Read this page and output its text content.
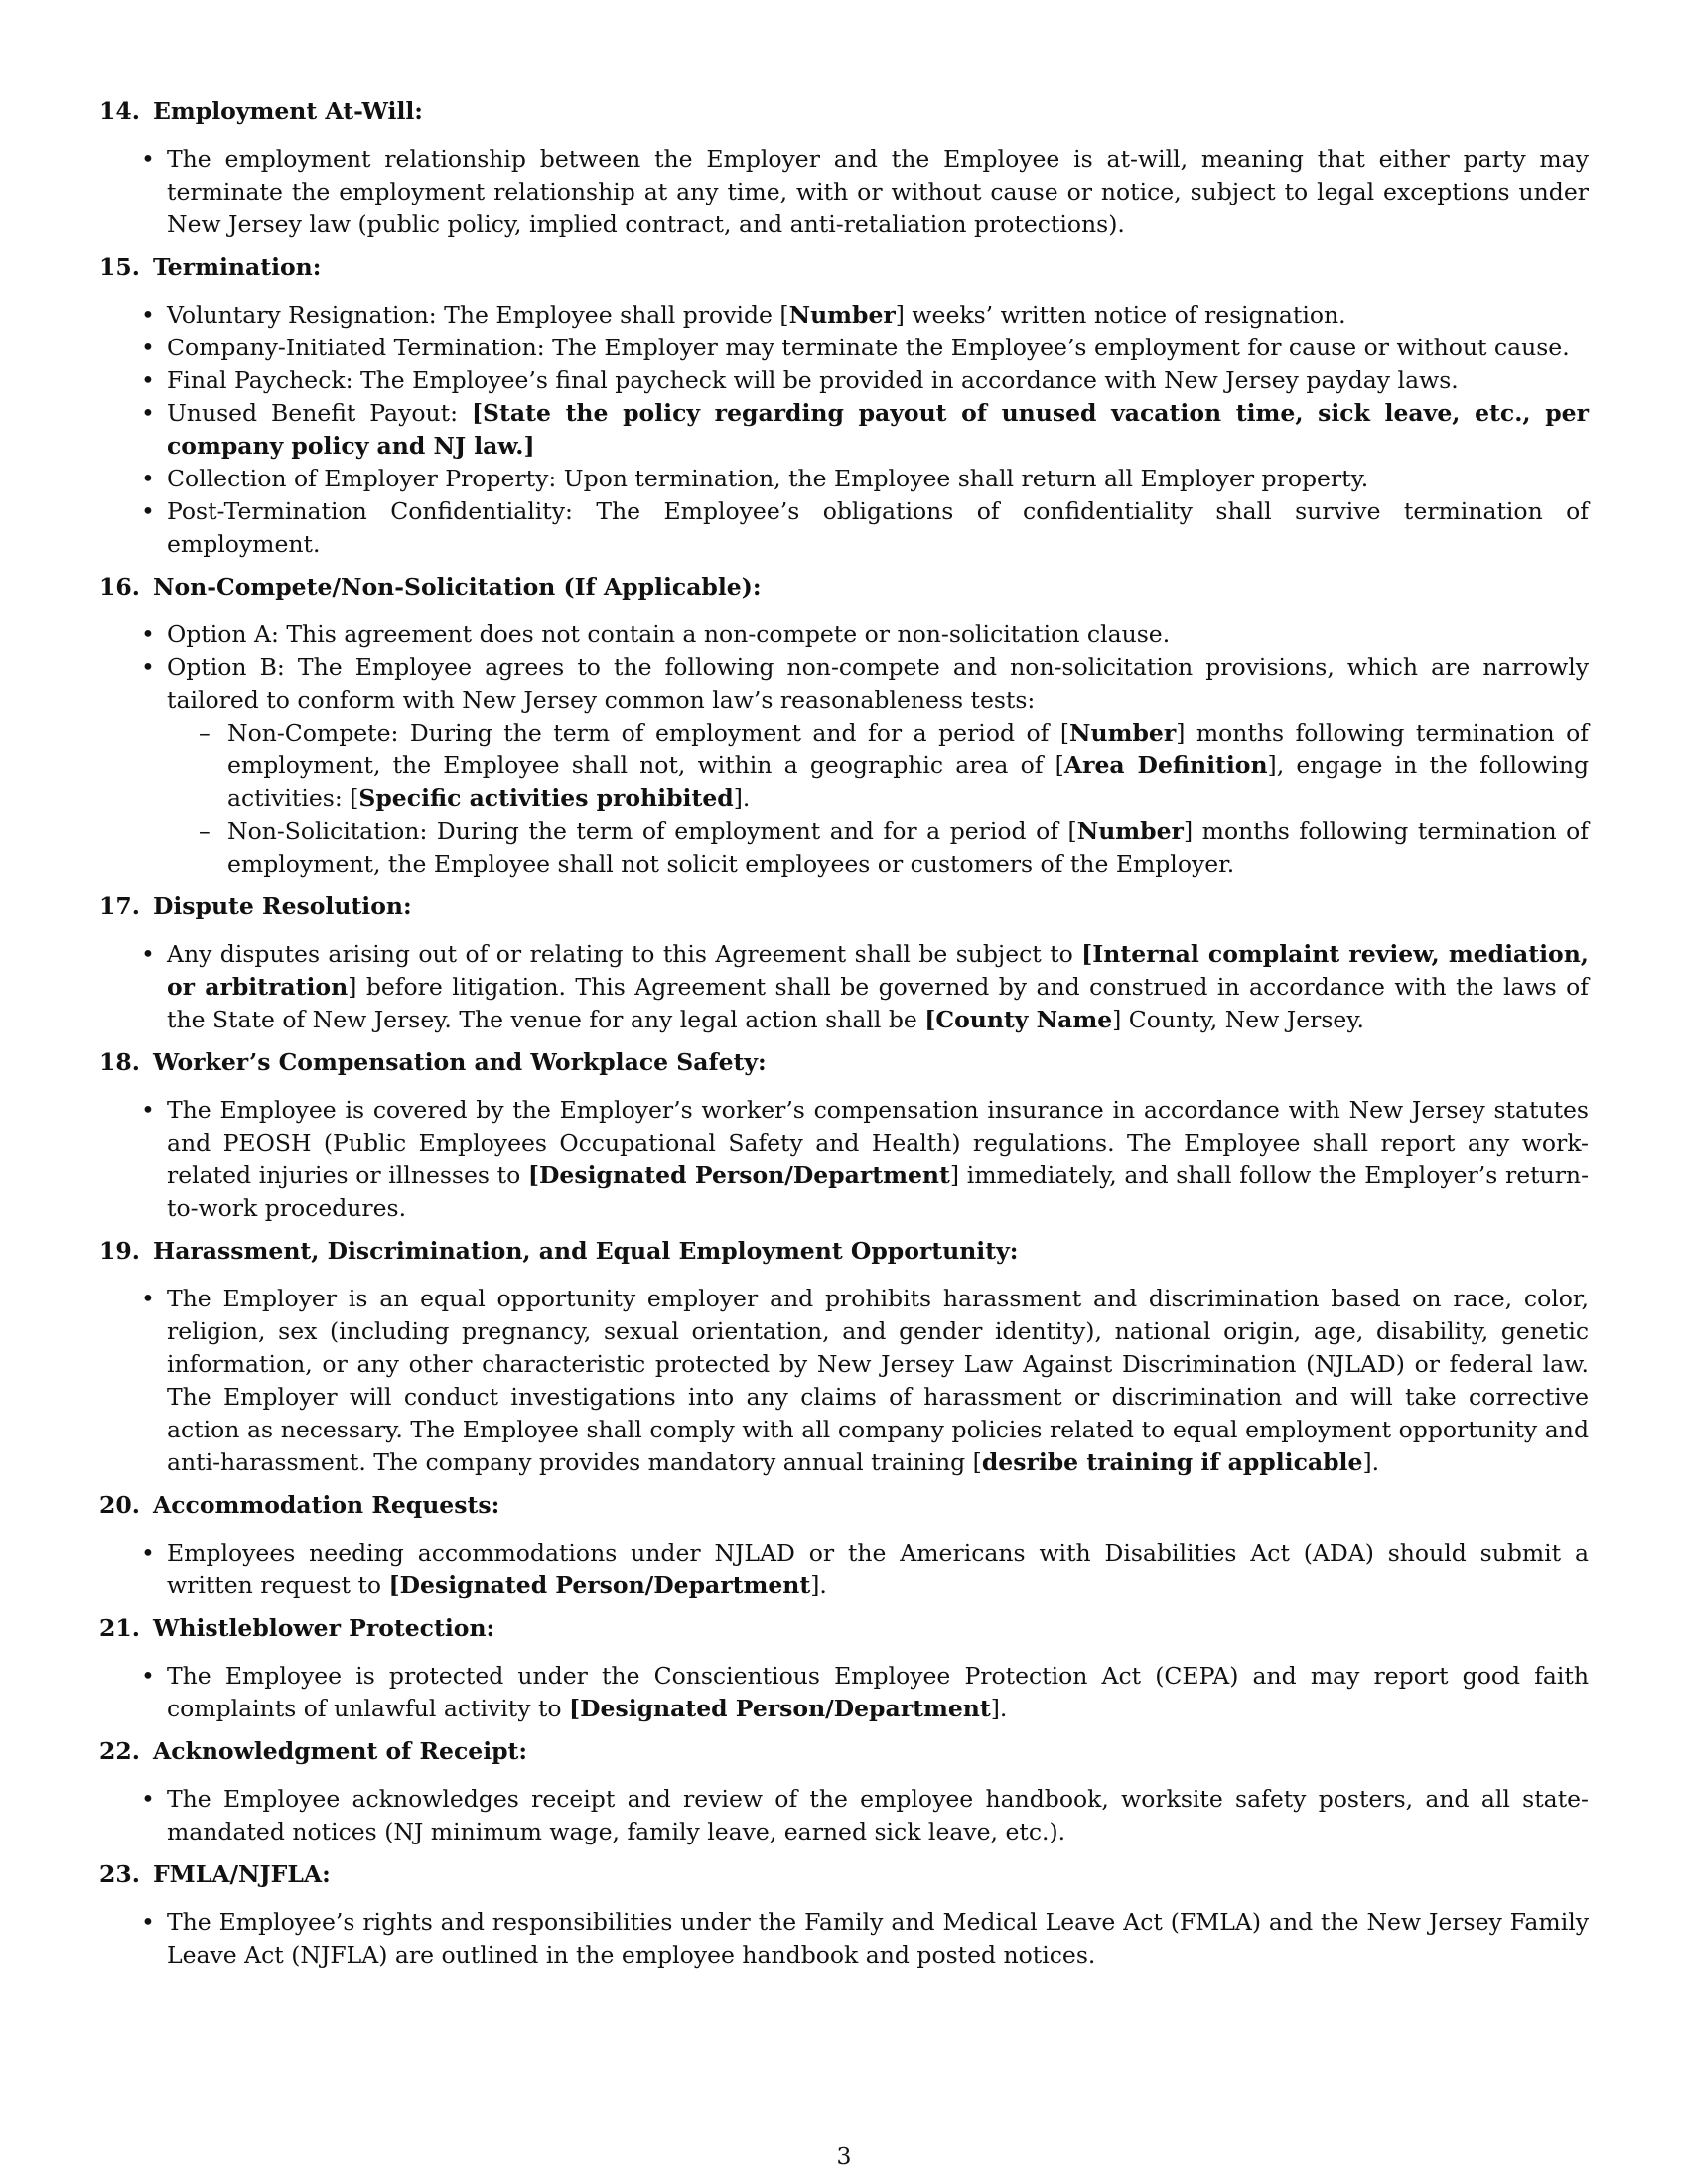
14. Employment At-Will:
• The employment relationship between the Employer and the Employee is at-will, meaning that either party may terminate the employment relationship at any time, with or without cause or notice, subject to legal exceptions under New Jersey law (public policy, implied contract, and anti-retaliation protections).
15. Termination:
• Voluntary Resignation: The Employee shall provide [Number] weeks’ written notice of resignation.
• Company-Initiated Termination: The Employer may terminate the Employee’s employment for cause or without cause.
• Final Paycheck: The Employee’s final paycheck will be provided in accordance with New Jersey payday laws.
• Unused Benefit Payout: [State the policy regarding payout of unused vacation time, sick leave, etc., per company policy and NJ law.]
• Collection of Employer Property: Upon termination, the Employee shall return all Employer property.
• Post-Termination Confidentiality: The Employee’s obligations of confidentiality shall survive termination of employment.
16. Non-Compete/Non-Solicitation (If Applicable):
• Option A: This agreement does not contain a non-compete or non-solicitation clause.
• Option B: The Employee agrees to the following non-compete and non-solicitation provisions, which are narrowly tailored to conform with New Jersey common law’s reasonableness tests:
– Non-Compete: During the term of employment and for a period of [Number] months following termination of employment, the Employee shall not, within a geographic area of [Area Definition], engage in the following activities: [Specific activities prohibited].
– Non-Solicitation: During the term of employment and for a period of [Number] months following termination of employment, the Employee shall not solicit employees or customers of the Employer.
17. Dispute Resolution:
• Any disputes arising out of or relating to this Agreement shall be subject to [Internal complaint review, mediation, or arbitration] before litigation. This Agreement shall be governed by and construed in accordance with the laws of the State of New Jersey. The venue for any legal action shall be [County Name] County, New Jersey.
18. Worker’s Compensation and Workplace Safety:
• The Employee is covered by the Employer’s worker’s compensation insurance in accordance with New Jersey statutes and PEOSH (Public Employees Occupational Safety and Health) regulations. The Employee shall report any work-related injuries or illnesses to [Designated Person/Department] immediately, and shall follow the Employer’s return-to-work procedures.
19. Harassment, Discrimination, and Equal Employment Opportunity:
• The Employer is an equal opportunity employer and prohibits harassment and discrimination based on race, color, religion, sex (including pregnancy, sexual orientation, and gender identity), national origin, age, disability, genetic information, or any other characteristic protected by New Jersey Law Against Discrimination (NJLAD) or federal law. The Employer will conduct investigations into any claims of harassment or discrimination and will take corrective action as necessary. The Employee shall comply with all company policies related to equal employment opportunity and anti-harassment. The company provides mandatory annual training [desribe training if applicable].
20. Accommodation Requests:
• Employees needing accommodations under NJLAD or the Americans with Disabilities Act (ADA) should submit a written request to [Designated Person/Department].
21. Whistleblower Protection:
• The Employee is protected under the Conscientious Employee Protection Act (CEPA) and may report good faith complaints of unlawful activity to [Designated Person/Department].
22. Acknowledgment of Receipt:
• The Employee acknowledges receipt and review of the employee handbook, worksite safety posters, and all state-mandated notices (NJ minimum wage, family leave, earned sick leave, etc.).
23. FMLA/NJFLA:
• The Employee’s rights and responsibilities under the Family and Medical Leave Act (FMLA) and the New Jersey Family Leave Act (NJFLA) are outlined in the employee handbook and posted notices.
3
